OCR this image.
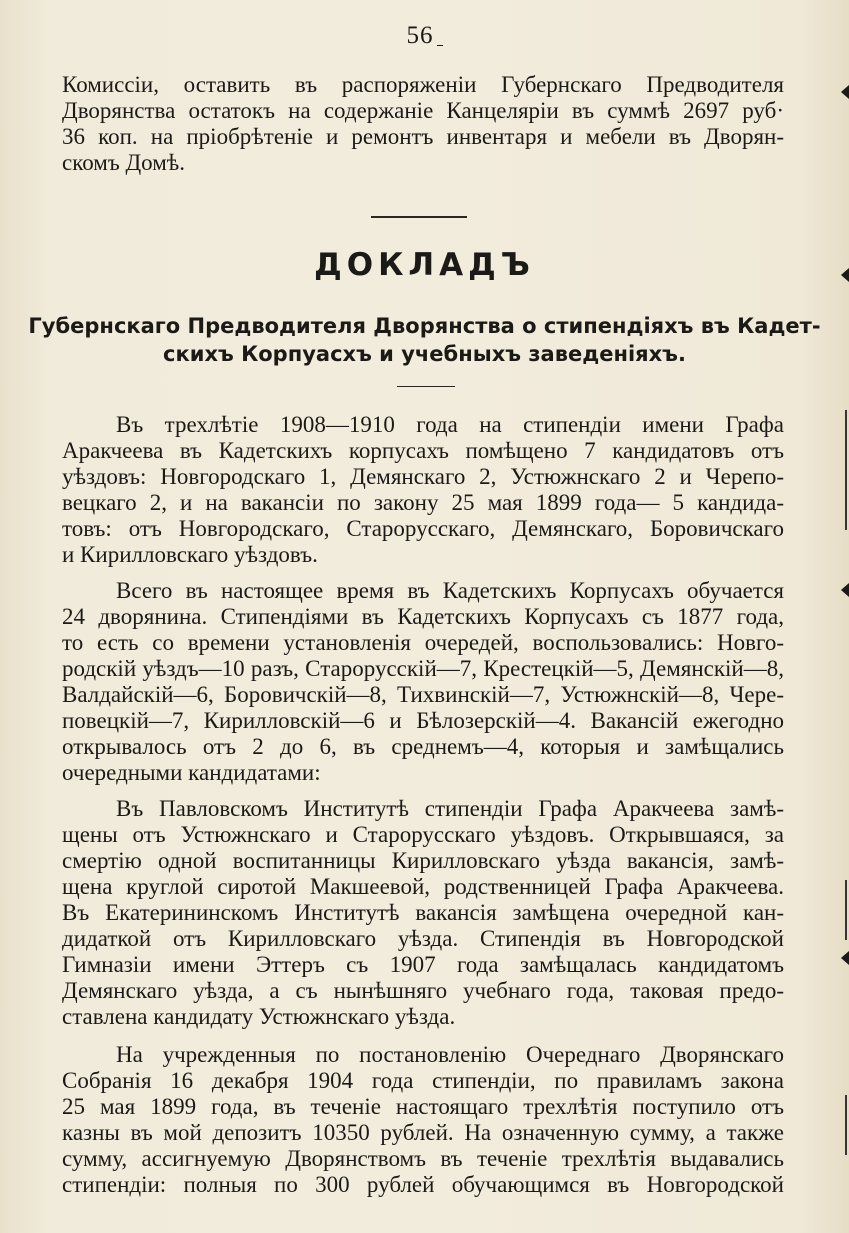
56
Комиссіи, оставить въ распоряженіи Губернскаго Предводителя
Дворянства остатокъ на содержаніе Канцеляріи въ суммѣ 2697 руб·
36 коп. на пріобрѣтеніе и ремонтъ инвентаря и мебели въ Дворян-
скомъ Домѣ.
ДОКЛАДЪ
Губернскаго Предводителя Дворянства о стипендіяхъ въ Кадет-
скихъ Корпуасхъ и учебныхъ заведеніяхъ.
Въ трехлѣтіе 1908—1910 года на стипендіи имени Графа
Аракчеева въ Кадетскихъ корпусахъ помѣщено 7 кандидатовъ отъ
уѣздовъ: Новгородскаго 1, Демянскаго 2, Устюжнскаго 2 и Черепо-
вецкаго 2, и на вакансіи по закону 25 мая 1899 года— 5 кандида-
товъ: отъ Новгородскаго, Старорусскаго, Демянскаго, Боровичскаго
и Кирилловскаго уѣздовъ.
Всего въ настоящее время въ Кадетскихъ Корпусахъ обучается
24 дворянина. Стипендіями въ Кадетскихъ Корпусахъ съ 1877 года,
то есть со времени установленія очередей, воспользовались: Новго-
родскій уѣздъ—10 разъ, Старорусскій—7, Крестецкій—5, Демянскій—8,
Валдайскій—6, Боровичскій—8, Тихвинскій—7, Устюжнскій—8, Чере-
повецкій—7, Кирилловскій—6 и Бѣлозерскій—4. Вакансій ежегодно
открывалось отъ 2 до 6, въ среднемъ—4, которыя и замѣщались
очередными кандидатами:
Въ Павловскомъ Институтѣ стипендіи Графа Аракчеева замѣ-
щены отъ Устюжнскаго и Старорусскаго уѣздовъ. Открывшаяся, за
смертію одной воспитанницы Кирилловскаго уѣзда вакансія, замѣ-
щена круглой сиротой Макшеевой, родственницей Графа Аракчеева.
Въ Екатерининскомъ Институтѣ вакансія замѣщена очередной кан-
дидаткой отъ Кирилловскаго уѣзда. Стипендія въ Новгородской
Гимназіи имени Эттеръ съ 1907 года замѣщалась кандидатомъ
Демянскаго уѣзда, а съ нынѣшняго учебнаго года, таковая предо-
ставлена кандидату Устюжнскаго уѣзда.
На учрежденныя по постановленію Очереднаго Дворянскаго
Собранія 16 декабря 1904 года стипендіи, по правиламъ закона
25 мая 1899 года, въ теченіе настоящаго трехлѣтія поступило отъ
казны въ мой депозитъ 10350 рублей. На означенную сумму, а также
сумму, ассигнуемую Дворянствомъ въ теченіе трехлѣтія выдавались
стипендіи: полныя по 300 рублей обучающимся въ Новгородской
